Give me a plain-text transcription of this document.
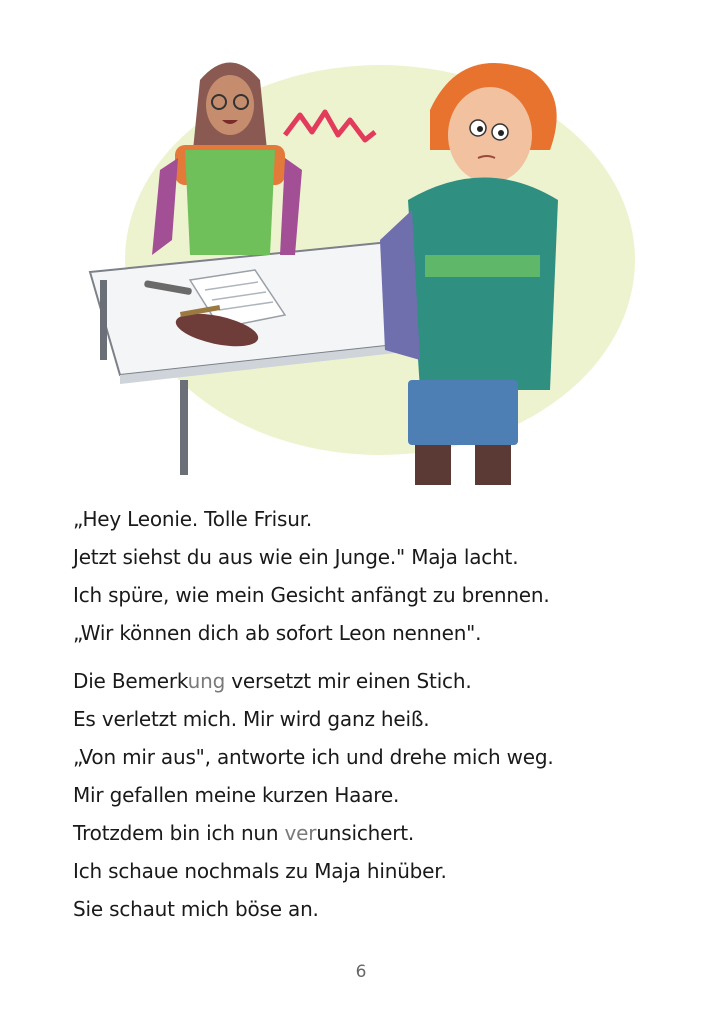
„Hey Leonie. Tolle Frisur.
Jetzt siehst du aus wie ein Junge." Maja lacht.
Ich spüre, wie mein Gesicht anfängt zu brennen.
„Wir können dich ab sofort Leon nennen".
Die Bemerkung versetzt mir einen Stich.
Es verletzt mich. Mir wird ganz heiß.
„Von mir aus", antworte ich und drehe mich weg.
Mir gefallen meine kurzen Haare.
Trotzdem bin ich nun verunsichert.
Ich schaue nochmals zu Maja hinüber.
Sie schaut mich böse an.
6
